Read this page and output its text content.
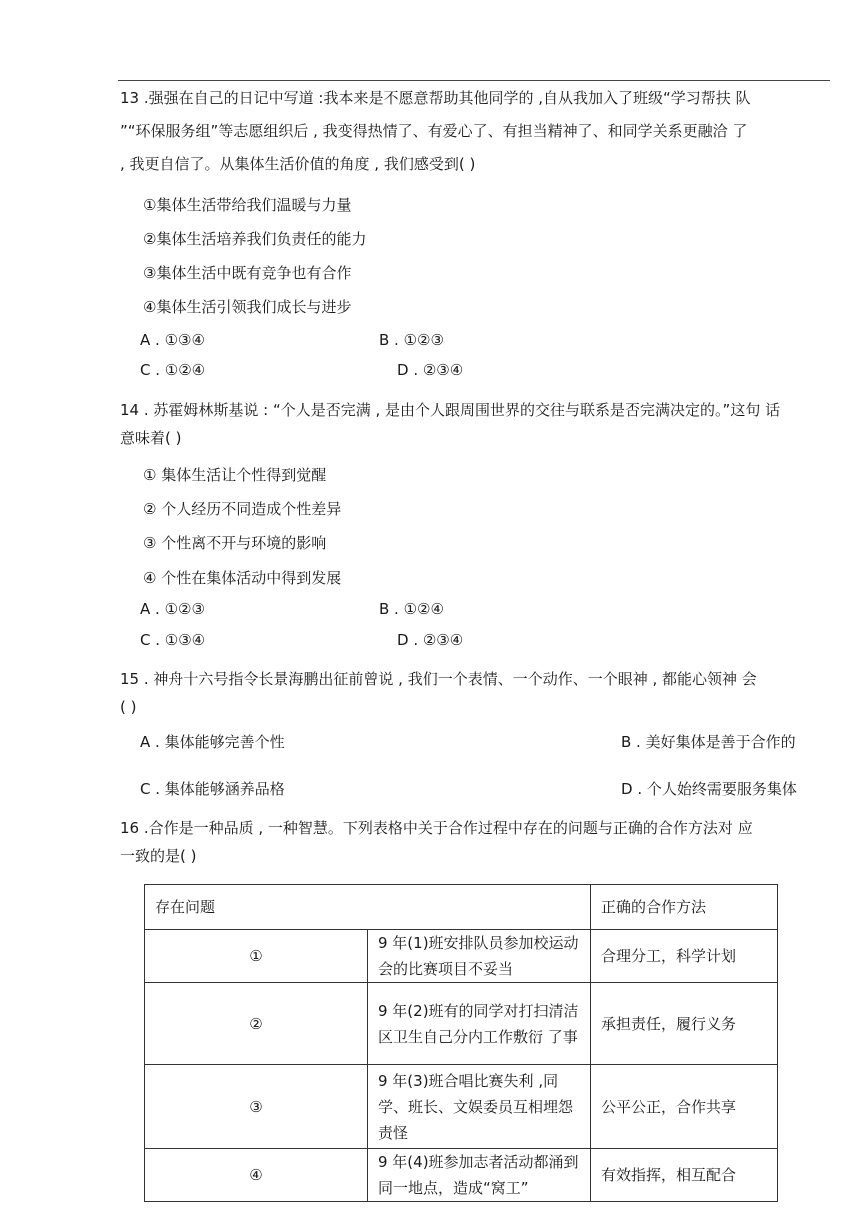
13 .强强在自己的日记中写道 :我本来是不愿意帮助其他同学的 ,自从我加入了班级“学习帮扶 队
”“环保服务组”等志愿组织后 , 我变得热情了、有爱心了、有担当精神了、和同学关系更融洽 了
, 我更自信了。从集体生活价值的角度 , 我们感受到( )
①集体生活带给我们温暖与力量
②集体生活培养我们负责任的能力
③集体生活中既有竞争也有合作
④集体生活引领我们成长与进步
A . ①③④	B . ①②③
C . ①②④	D . ②③④
14 . 苏霍姆林斯基说 : “个人是否完满 , 是由个人跟周围世界的交往与联系是否完满决定的。”这句 话
意味着( )
① 集体生活让个性得到觉醒
② 个人经历不同造成个性差异
③ 个性离不开与环境的影响
④ 个性在集体活动中得到发展
A . ①②③	B . ①②④
C . ①③④	D . ②③④
15 . 神舟十六号指令长景海鹏出征前曾说 , 我们一个表情、一个动作、一个眼神 , 都能心领神 会
( )
A . 集体能够完善个性	B . 美好集体是善于合作的
C . 集体能够涵养品格	D . 个人始终需要服务集体
16 .合作是一种品质 , 一种智慧。下列表格中关于合作过程中存在的问题与正确的合作方法对 应
一致的是( )
存在问题		正确的合作方法
①	9 年(1)班安排队员参加校运动会的比赛项目不妥当	合理分工，科学计划
②	9 年(2)班有的同学对打扫清洁区卫生自己分内工作敷衍 了事	承担责任，履行义务
③	9 年(3)班合唱比赛失利 ,同学、班长、文娱委员互相埋怨 责怪	公平公正，合作共享
④	9 年(4)班参加志者活动都涌到同一地点，造成“窝工”	有效指挥，相互配合
